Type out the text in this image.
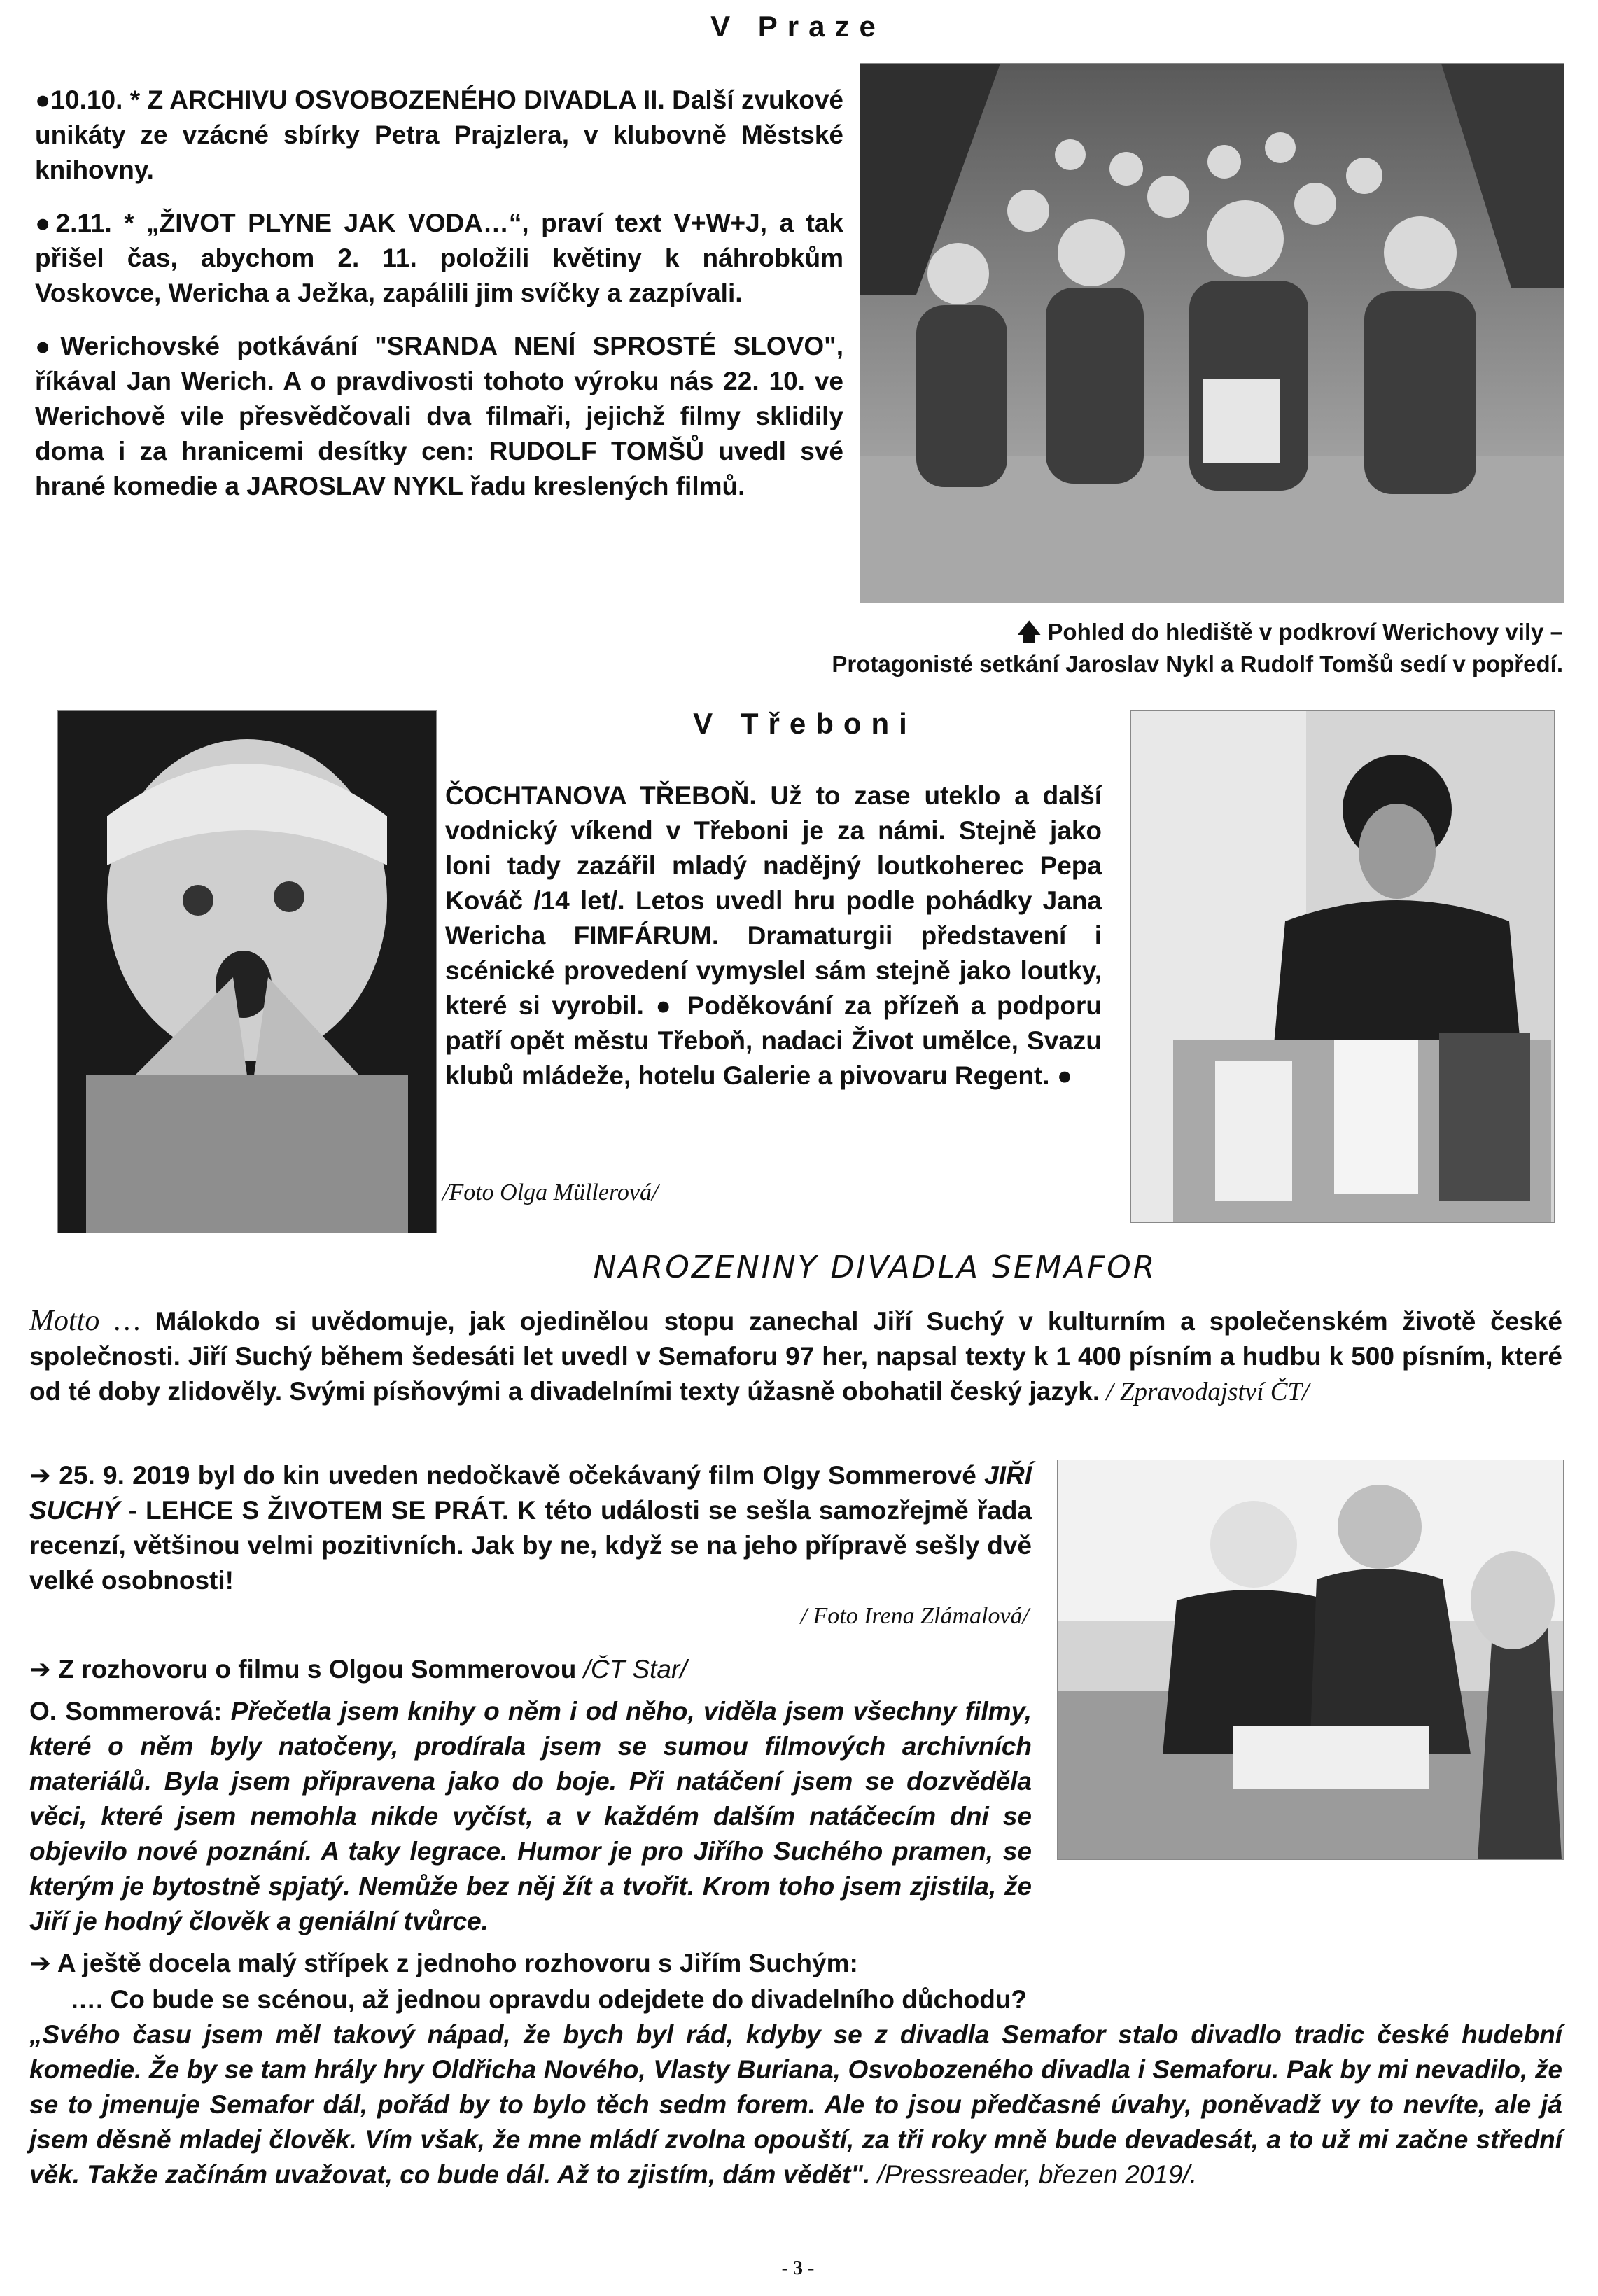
V Praze

●10.10. * Z ARCHIVU OSVOBOZENÉHO DIVADLA II. Další zvukové unikáty ze vzácné sbírky Petra Prajzlera, v klubovně Městské knihovny.

●2.11. * „ŽIVOT PLYNE JAK VODA…“, praví text V+W+J, a tak přišel čas, abychom 2. 11. položili květiny k náhrobkům Voskovce, Wericha a Ježka, zapálili jim svíčky a zazpívali.

●Werichovské potkávání "SRANDA NENÍ SPROSTÉ SLOVO", říkával Jan Werich. A o pravdivosti tohoto výroku nás 22. 10. ve Werichově vile přesvědčovali dva filmaři, jejichž filmy sklidily doma i za hranicemi desítky cen: RUDOLF TOMŠŮ uvedl své hrané komedie a JAROSLAV NYKL řadu kreslených filmů.

🡅 Pohled do hlediště v podkroví Werichovy vily –
Protagonisté setkání Jaroslav Nykl a Rudolf Tomšů sedí v popředí.
V Třeboni

ČOCHTANOVA TŘEBOŇ. Už to zase uteklo a další vodnický víkend v Třeboni je za námi. Stejně jako loni tady zazářil mladý nadějný loutkoherec Pepa Kováč /14 let/. Letos uvedl hru podle pohádky Jana Wericha FIMFÁRUM. Dramaturgii představení i scénické provedení vymyslel sám stejně jako loutky, které si vyrobil. ● Poděkování za přízeň a podporu patří opět městu Třeboň, nadaci Život umělce, Svazu klubů mládeže, hotelu Galerie a pivovaru Regent. ●

/Foto Olga Müllerová/
NAROZENINY DIVADLA SEMAFOR

Motto … Málokdo si uvědomuje, jak ojedinělou stopu zanechal Jiří Suchý v kulturním a společenském životě české společnosti. Jiří Suchý během šedesáti let uvedl v Semaforu 97 her, napsal texty k 1 400 písním a hudbu k 500 písním, které od té doby zlidověly. Svými písňovými a divadelními texty úžasně obohatil český jazyk. / Zpravodajství ČT/

➔ 25. 9. 2019 byl do kin uveden nedočkavě očekávaný film Olgy Sommerové JIŘÍ SUCHÝ - LEHCE S ŽIVOTEM SE PRÁT. K této události se sešla samozřejmě řada recenzí, většinou velmi pozitivních. Jak by ne, když se na jeho přípravě sešly dvě velké osobnosti!

/ Foto Irena Zlámalová/

➔ Z rozhovoru o filmu s Olgou Sommerovou /ČT Star/

O. Sommerová: Přečetla jsem knihy o něm i od něho, viděla jsem všechny filmy, které o něm byly natočeny, prodírala jsem se sumou filmových archivních materiálů. Byla jsem připravena jako do boje. Při natáčení jsem se dozvěděla věci, které jsem nemohla nikde vyčíst, a v každém dalším natáčecím dni se objevilo nové poznání. A taky legrace. Humor je pro Jiřího Suchého pramen, se kterým je bytostně spjatý. Nemůže bez něj žít a tvořit. Krom toho jsem zjistila, že Jiří je hodný člověk a geniální tvůrce.

➔ A ještě docela malý střípek z jednoho rozhovoru s Jiřím Suchým:

…. Co bude se scénou, až jednou opravdu odejdete do divadelního důchodu?

„Svého času jsem měl takový nápad, že bych byl rád, kdyby se z divadla Semafor stalo divadlo tradic české hudební komedie. Že by se tam hrály hry Oldřicha Nového, Vlasty Buriana, Osvobozeného divadla i Semaforu. Pak by mi nevadilo, že se to jmenuje Semafor dál, pořád by to bylo těch sedm forem. Ale to jsou předčasné úvahy, poněvadž vy to nevíte, ale já jsem děsně mladej člověk. Vím však, že mne mládí zvolna opouští, za tři roky mně bude devadesát, a to už mi začne střední věk. Takže začínám uvažovat, co bude dál. Až to zjistím, dám vědět". /Pressreader, březen 2019/.

- 3 -
